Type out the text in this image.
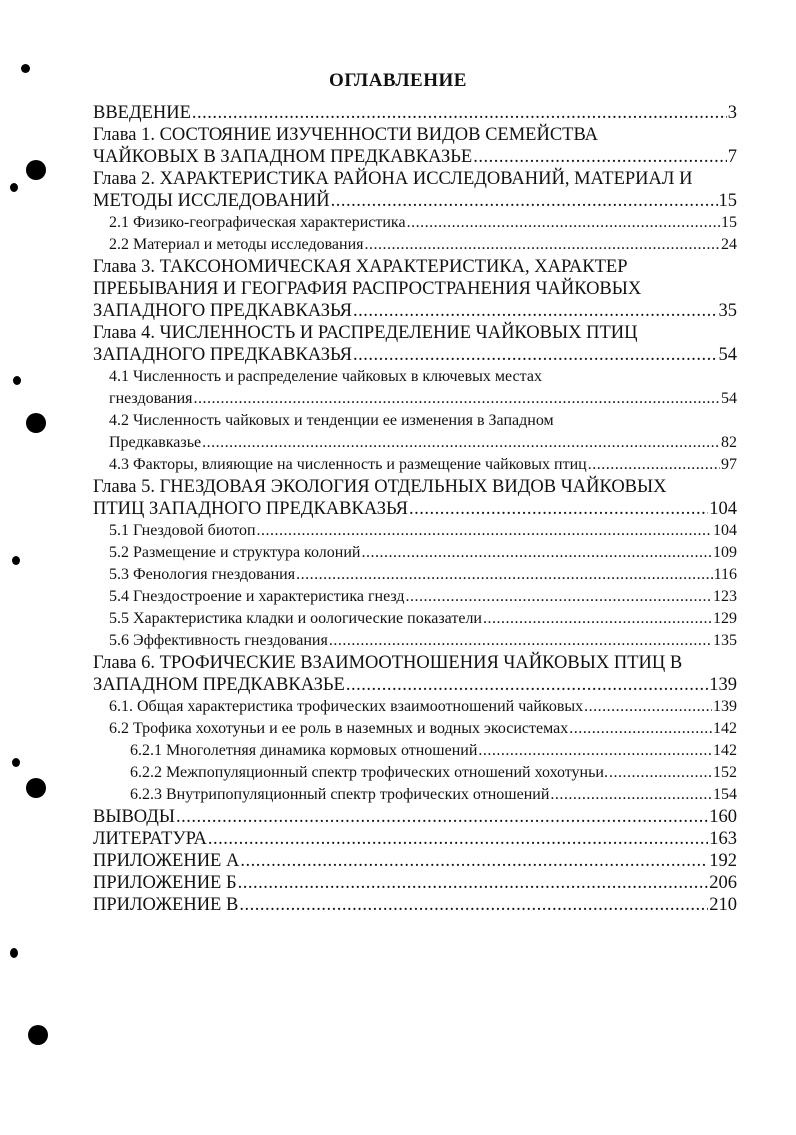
ОГЛАВЛЕНИЕ
ВВЕДЕНИЕ .....	3
Глава 1. СОСТОЯНИЕ ИЗУЧЕННОСТИ ВИДОВ СЕМЕЙСТВА
ЧАЙКОВЫХ В ЗАПАДНОМ ПРЕДКАВКАЗЬЕ .....	7
Глава 2. ХАРАКТЕРИСТИКА РАЙОНА ИССЛЕДОВАНИЙ, МАТЕРИАЛ И
МЕТОДЫ ИССЛЕДОВАНИЙ .....	15
2.1 Физико-географическая характеристика .....	15
2.2 Материал и методы исследования .....	24
Глава 3. ТАКСОНОМИЧЕСКАЯ ХАРАКТЕРИСТИКА, ХАРАКТЕР
ПРЕБЫВАНИЯ И ГЕОГРАФИЯ РАСПРОСТРАНЕНИЯ ЧАЙКОВЫХ
ЗАПАДНОГО ПРЕДКАВКАЗЬЯ .....	35
Глава 4. ЧИСЛЕННОСТЬ И РАСПРЕДЕЛЕНИЕ ЧАЙКОВЫХ ПТИЦ
ЗАПАДНОГО ПРЕДКАВКАЗЬЯ .....	54
4.1 Численность и распределение чайковых в ключевых местах
гнездования .....	54
4.2 Численность чайковых и тенденции ее изменения в Западном
Предкавказье .....	82
4.3 Факторы, влияющие на численность и размещение чайковых птиц .....	97
Глава 5. ГНЕЗДОВАЯ ЭКОЛОГИЯ ОТДЕЛЬНЫХ ВИДОВ ЧАЙКОВЫХ
ПТИЦ ЗАПАДНОГО ПРЕДКАВКАЗЬЯ .....	104
5.1 Гнездовой биотоп .....	104
5.2 Размещение и структура колоний .....	109
5.3 Фенология гнездования .....	116
5.4 Гнездостроение и характеристика гнезд .....	123
5.5 Характеристика кладки и оологические показатели .....	129
5.6 Эффективность гнездования .....	135
Глава 6. ТРОФИЧЕСКИЕ ВЗАИМООТНОШЕНИЯ ЧАЙКОВЫХ ПТИЦ В
ЗАПАДНОМ ПРЕДКАВКАЗЬЕ .....	139
6.1. Общая характеристика трофических взаимоотношений чайковых .....	139
6.2 Трофика хохотуньи и ее роль в наземных и водных экосистемах .....	142
6.2.1 Многолетняя динамика кормовых отношений .....	142
6.2.2 Межпопуляционный спектр трофических отношений хохотуньи. .....	152
6.2.3 Внутрипопуляционный спектр трофических отношений .....	154
ВЫВОДЫ .....	160
ЛИТЕРАТУРА .....	163
ПРИЛОЖЕНИЕ А .....	192
ПРИЛОЖЕНИЕ Б .....	206
ПРИЛОЖЕНИЕ В .....	210
